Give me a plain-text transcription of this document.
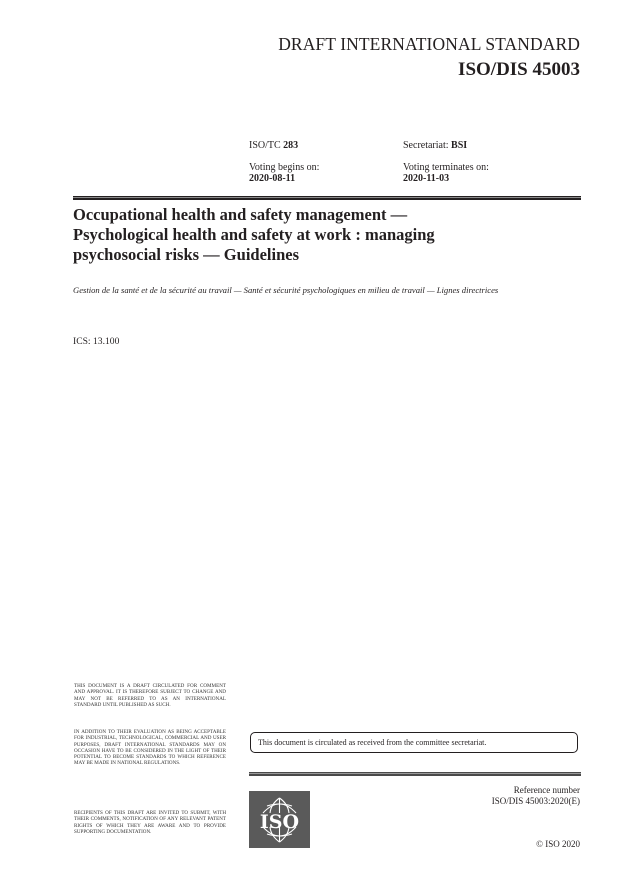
DRAFT INTERNATIONAL STANDARD
ISO/DIS 45003
ISO/TC 283	Secretariat: BSI
Voting begins on:
2020-08-11
Voting terminates on:
2020-11-03
Occupational health and safety management —
Psychological health and safety at work : managing
psychosocial risks — Guidelines
Gestion de la santé et de la sécurité au travail — Santé et sécurité psychologiques en milieu de travail — Lignes directrices
ICS: 13.100
THIS DOCUMENT IS A DRAFT CIRCULATED FOR COMMENT AND APPROVAL. IT IS THEREFORE SUBJECT TO CHANGE AND MAY NOT BE REFERRED TO AS AN INTERNATIONAL STANDARD UNTIL PUBLISHED AS SUCH.
IN ADDITION TO THEIR EVALUATION AS BEING ACCEPTABLE FOR INDUSTRIAL, TECHNOLOGICAL, COMMERCIAL AND USER PURPOSES, DRAFT INTERNATIONAL STANDARDS MAY ON OCCASION HAVE TO BE CONSIDERED IN THE LIGHT OF THEIR POTENTIAL TO BECOME STANDARDS TO WHICH REFERENCE MAY BE MADE IN NATIONAL REGULATIONS.
RECIPIENTS OF THIS DRAFT ARE INVITED TO SUBMIT, WITH THEIR COMMENTS, NOTIFICATION OF ANY RELEVANT PATENT RIGHTS OF WHICH THEY ARE AWARE AND TO PROVIDE SUPPORTING DOCUMENTATION.
This document is circulated as received from the committee secretariat.
ISO
Reference number
ISO/DIS 45003:2020(E)
© ISO 2020
